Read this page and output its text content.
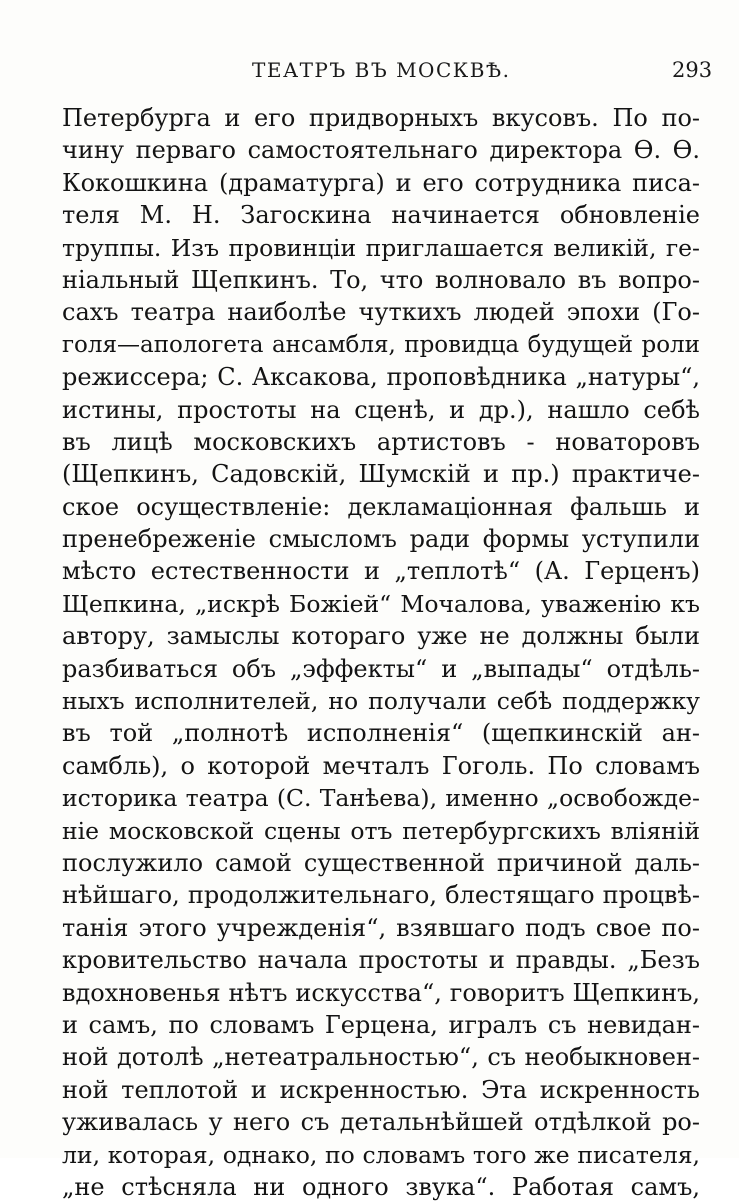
ТЕАТРЪ ВЪ МОСКВѢ.	293
Петербурга и его придворныхъ вкусовъ. По по-
чину перваго самостоятельнаго директора Ѳ. Ѳ.
Кокошкина (драматурга) и его сотрудника писа-
теля М. Н. Загоскина начинается обновленіе
труппы. Изъ провинціи приглашается великій, ге-
ніальный Щепкинъ. То, что волновало въ вопро-
сахъ театра наиболѣе чуткихъ людей эпохи (Го-
голя—апологета ансамбля, провидца будущей роли
режиссера; С. Аксакова, проповѣдника „натуры“,
истины, простоты на сценѣ, и др.), нашло себѣ
въ лицѣ московскихъ артистовъ - новаторовъ
(Щепкинъ, Садовскій, Шумскій и пр.) практиче-
ское осуществленіе: декламаціонная фальшь и
пренебреженіе смысломъ ради формы уступили
мѣсто естественности и „теплотѣ“ (А. Герценъ)
Щепкина, „искрѣ Божіей“ Мочалова, уваженію къ
автору, замыслы котораго уже не должны были
разбиваться объ „эффекты“ и „выпады“ отдѣль-
ныхъ исполнителей, но получали себѣ поддержку
въ той „полнотѣ исполненія“ (щепкинскій ан-
самбль), о которой мечталъ Гоголь. По словамъ
историка театра (С. Танѣева), именно „освобожде-
ніе московской сцены отъ петербургскихъ вліяній
послужило самой существенной причиной даль-
нѣйшаго, продолжительнаго, блестящаго процвѣ-
танія этого учрежденія“, взявшаго подъ свое по-
кровительство начала простоты и правды. „Безъ
вдохновенья нѣтъ искусства“, говоритъ Щепкинъ,
и самъ, по словамъ Герцена, игралъ съ невидан-
ной дотолѣ „нетеатральностью“, съ необыкновен-
ной теплотой и искренностью. Эта искренность
уживалась у него съ детальнѣйшей отдѣлкой ро-
ли, которая, однако, по словамъ того же писателя,
„не стѣсняла ни одного звука“. Работая самъ,
